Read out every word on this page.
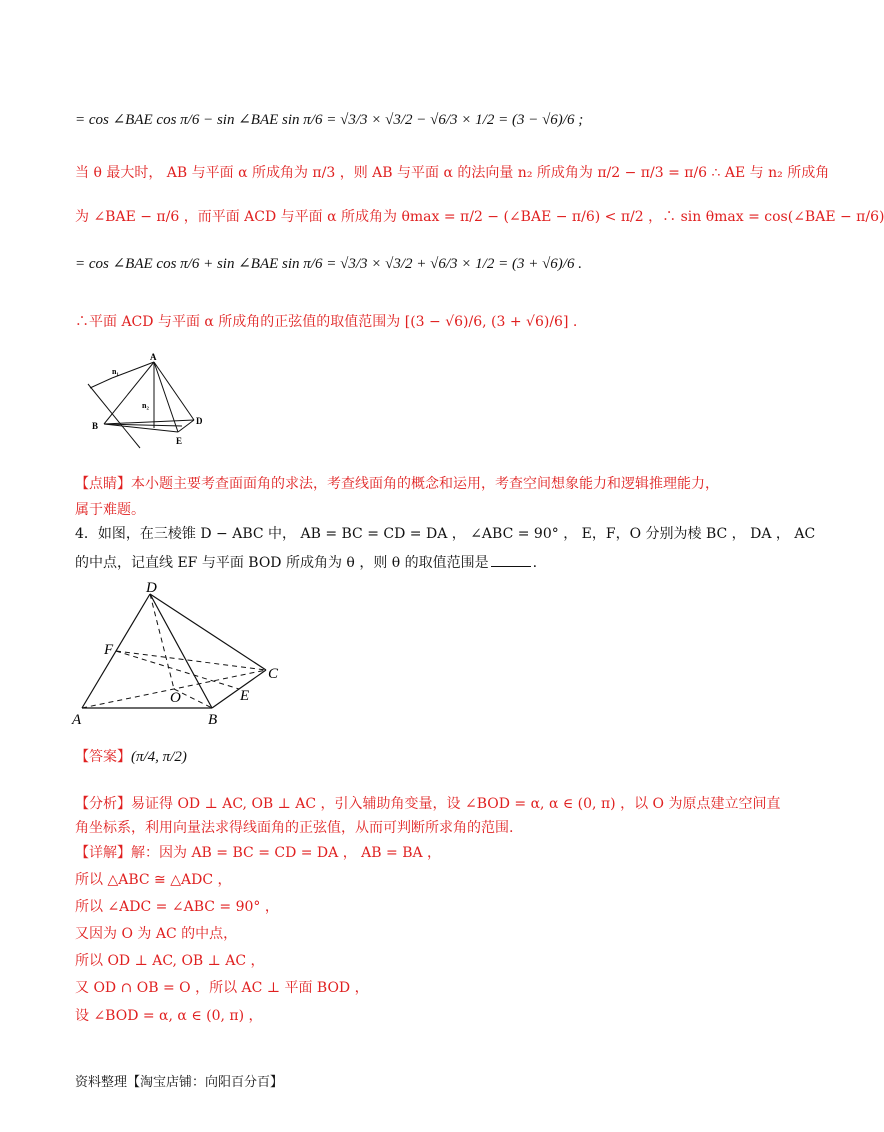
= cos ∠BAE cos π/6 − sin ∠BAE sin π/6 = √3/3 × √3/2 − √6/3 × 1/2 = (3 − √6)/6 ;
当 θ 最大时， AB 与平面 α 所成角为 π/3 ，则 AB 与平面 α 的法向量 n₂ 所成角为 π/2 − π/3 = π/6 ∴ AE 与 n₂ 所成角
为 ∠BAE − π/6 ，而平面 ACD 与平面 α 所成角为 θmax = π/2 − (∠BAE − π/6) < π/2 ，∴ sin θmax = cos(∠BAE − π/6)
= cos ∠BAE cos π/6 + sin ∠BAE sin π/6 = √3/3 × √3/2 + √6/3 × 1/2 = (3 + √6)/6 .
∴平面 ACD 与平面 α 所成角的正弦值的取值范围为 [(3 − √6)/6, (3 + √6)/6] .
A
B	D
E
n₁
n₂
【点睛】本小题主要考查面面角的求法，考查线面角的概念和运用，考查空间想象能力和逻辑推理能力，
属于难题。
4．如图，在三棱锥 D − ABC 中， AB = BC = CD = DA ， ∠ABC = 90° ， E，F，O 分别为棱 BC ， DA ， AC
的中点，记直线 EF 与平面 BOD 所成角为 θ ，则 θ 的取值范围是	.
D
F
C
O	E
A	B
【答案】(π/4, π/2)
【分析】易证得 OD ⊥ AC, OB ⊥ AC ，引入辅助角变量，设 ∠BOD = α, α ∈ (0, π) ，以 O 为原点建立空间直
角坐标系，利用向量法求得线面角的正弦值，从而可判断所求角的范围.
【详解】解：因为 AB = BC = CD = DA ， AB = BA ，
所以 △ABC ≅ △ADC ，
所以 ∠ADC = ∠ABC = 90° ，
又因为 O 为 AC 的中点，
所以 OD ⊥ AC, OB ⊥ AC ，
又 OD ∩ OB = O ，所以 AC ⊥ 平面 BOD ，
设 ∠BOD = α, α ∈ (0, π) ，
资料整理【淘宝店铺：向阳百分百】
